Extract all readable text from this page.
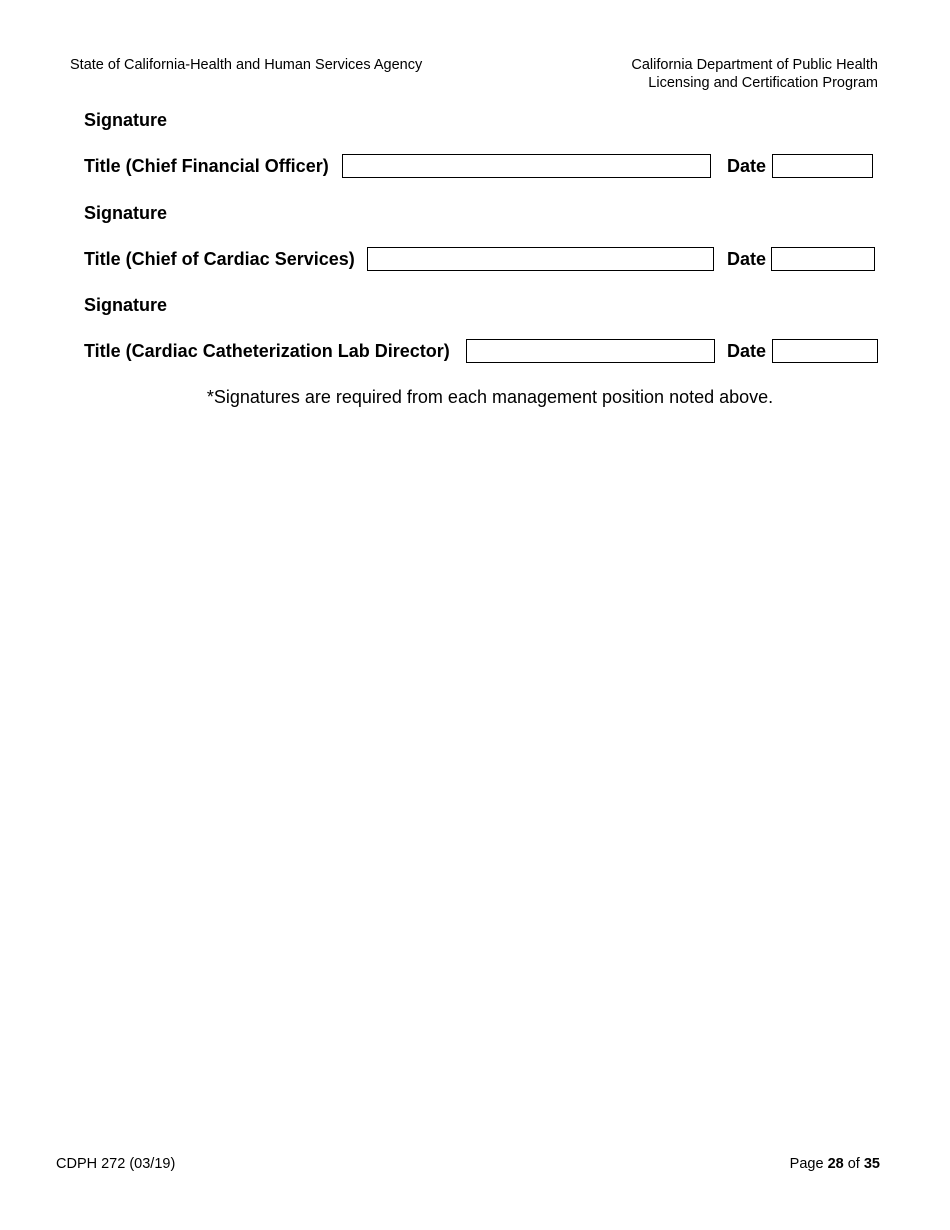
State of California-Health and Human Services Agency	California Department of Public Health
Licensing and Certification Program
Signature
Title (Chief Financial Officer)	Date
Signature
Title (Chief of Cardiac Services)	Date
Signature
Title (Cardiac Catheterization Lab Director)	Date
*Signatures are required from each management position noted above.
CDPH 272 (03/19)	Page 28 of 35
